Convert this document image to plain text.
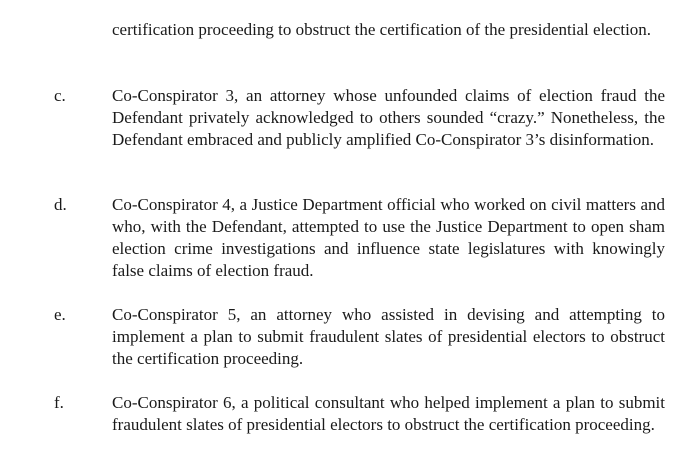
certification proceeding to obstruct the certification of the presidential election.

c.	Co-Conspirator 3, an attorney whose unfounded claims of election fraud the Defendant privately acknowledged to others sounded “crazy.” Nonetheless, the Defendant embraced and publicly amplified Co-Conspirator 3’s disinformation.

d.	Co-Conspirator 4, a Justice Department official who worked on civil matters and who, with the Defendant, attempted to use the Justice Department to open sham election crime investigations and influence state legislatures with knowingly false claims of election fraud.

e.	Co-Conspirator 5, an attorney who assisted in devising and attempting to implement a plan to submit fraudulent slates of presidential electors to obstruct the certification proceeding.

f.	Co-Conspirator 6, a political consultant who helped implement a plan to submit fraudulent slates of presidential electors to obstruct the certification proceeding.
